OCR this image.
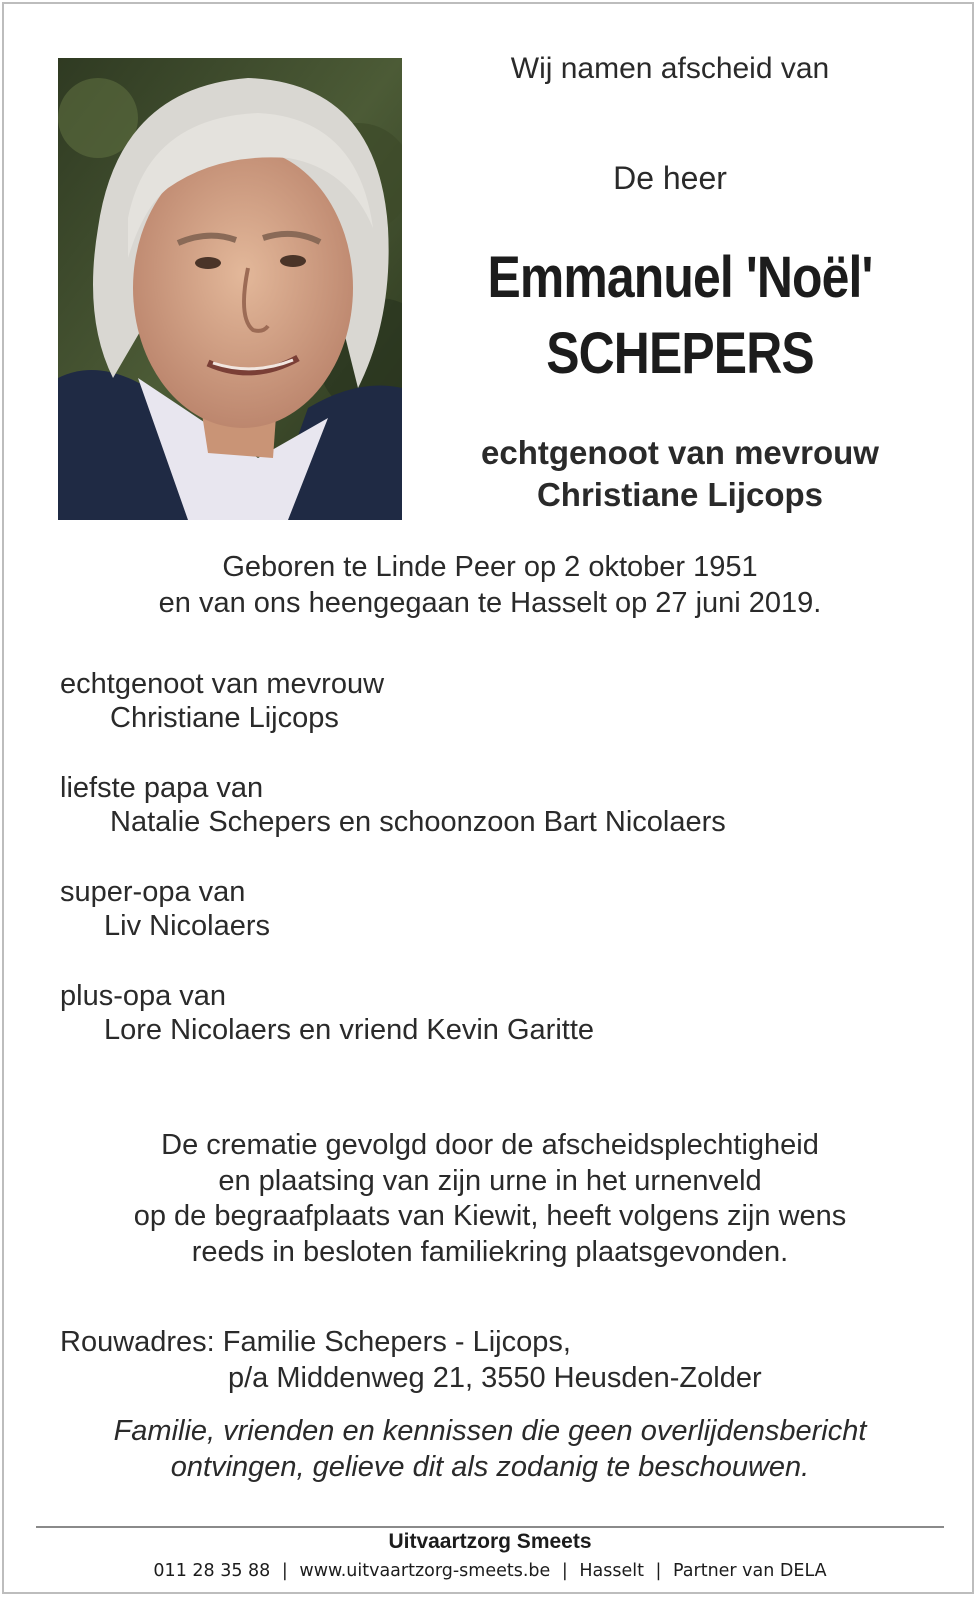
Wij namen afscheid van
De heer
Emmanuel 'Noël'
SCHEPERS
echtgenoot van mevrouw
Christiane Lijcops
Geboren te Linde Peer op 2 oktober 1951
en van ons heengegaan te Hasselt op 27 juni 2019.
echtgenoot van mevrouw
Christiane Lijcops
liefste papa van
Natalie Schepers en schoonzoon Bart Nicolaers
super-opa van
Liv Nicolaers
plus-opa van
Lore Nicolaers en vriend Kevin Garitte
De crematie gevolgd door de afscheidsplechtigheid
en plaatsing van zijn urne in het urnenveld
op de begraafplaats van Kiewit, heeft volgens zijn wens
reeds in besloten familiekring plaatsgevonden.
Rouwadres: Familie Schepers - Lijcops,
p/a Middenweg 21, 3550 Heusden-Zolder
Familie, vrienden en kennissen die geen overlijdensbericht
ontvingen, gelieve dit als zodanig te beschouwen.
Uitvaartzorg Smeets
011 28 35 88 | www.uitvaartzorg-smeets.be | Hasselt | Partner van DELA
